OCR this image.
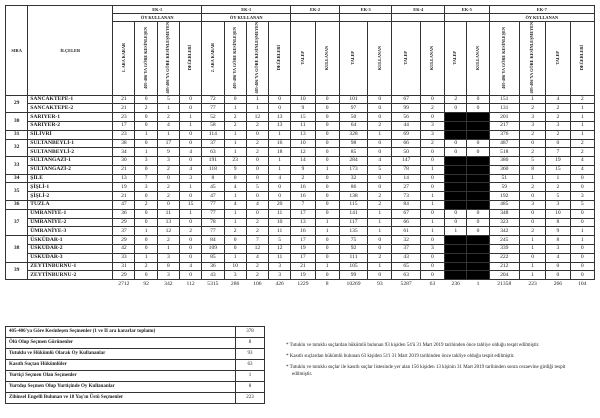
SIRA	İLÇELER	EK-1				EK-1				EK-2		EK-3		EK-4		EK-5		EK-7			
		ÖY KULLANAN				ÖY KULLANAN												ÖY KULLANAN			
		1. ARA KARAR	405-406'YA GÖRE KESİNLEŞEN	405-406'YA GÖRE KESİNLEŞMEYEN	DEĞERLERİ	2. ARA KARAR	405-406'YA GÖRE KESİNLEŞEN	405-406'YA GÖRE KESİNLEŞMEYEN	DEĞERLERİ	TALEP	KULLANAN	TALEP	KULLANAN	TALEP	KULLANAN	TALEP	KULLANAN	405-406'YA GÖRE KESİNLEŞEN	405-406'YA GÖRE KESİNLEŞMEYEN	TALEP	DEĞERLERİ
29	SANCAKTEPE-1	21	0	5	0	72	0	1	0	10	0	101	0	67	0	2	0	151	1	4	2
	SANCAKTEPE-2	21	2	1	0	77	1	1	0	9	0	97	0	99	2	0	0	131	2	2	1
30	SARIYER-1	23	0	2	1	52	2	12	13	15	0	50	0	56	0			201	3	2	1
	SARIYER-2	17	0	4	1	58	2	2	13	11	0	64	2	44	3			217	3	3	1
31	SİLİVRİ	23	1	1	0	114	1	0	1	13	0	328	1	69	3			376	2	2	1
32	SULTANBEYLİ-1	38	0	17	0	37	1	2	16	10	0	98	0	66	2	0	0	487	0	0	2
	SULTANBEYLİ-2	34	1	9	4	63	1	2	18	12	0	85	0	50	0	0	0	518	2	7	2
33	SULTANGAZİ-1	30	3	3	0	191	23	0	1	14	0	284	4	147	0			380	5	19	4
	SULTANGAZİ-2	21	0	2	4	118	9	0	1	9	1	173	5	78	1			360	8	15	4
34	ŞİLE	13	7	0	3	8	0	0	4	2	0	32	0	14	0			51	1	1	0
35	ŞİŞLİ-1	19	3	2	1	45	4	5	0	16	0	86	0	27	0			59	2	2	0
	ŞİŞLİ-2	21	0	2	0	47	1	0	0	16	0	138	2	73	1			192	0	5	3
36	TUZLA	47	2	0	15	77	4	4	20	7	0	115	2	84	1			485	3	3	5
37	ÜMRANİYE-1	36	0	11	1	77	1	0	11	17	0	141	1	67	0	0	0	348	0	10	0
	ÜMRANİYE-2	29	0	13	0	78	1	2	10	13	1	117	1	66	1	0	0	323	0	8	0
	ÜMRANİYE-3	37	1	12	2	77	2	2	11	16	1	135	1	61	1	1	0	342	2	9	1
38	ÜSKÜDAR-1	29	0	2	0	84	0	7	5	17	0	75	0	32	0			245	1	8	1
	ÜSKÜDAR-2	42	0	1	0	109	0	12	12	19	0	92	0	37	3			339	1	3	0
	ÜSKÜDAR-3	33	1	3	0	85	1	4	11	17	0	111	2	43	0			222	0	4	0
39	ZEYTİNBURNU-1	31	2	8	4	36	10	2	3	21	1	105	1	65	0			212	1	0	0
	ZEYTİNBURNU-2	29	0	3	0	43	3	2	3	19	0	99	0	63	0			204	1	0	0
		2712	92	342	112	5315	286	106	426	1229	8	10269	93	5287	63	236	1	21358	223	266	104
405-406'ya Göre Kesinleşen Seçmenler (1 ve II ara kararlar toplamı)	378
Ölü Olup Seçmen Görünenler	8
Tutuklu ve Hükümlü Olarak Oy Kullananlar	93
Kasıtlı Suçtan Hükümlüler	63
Yurtiçi Seçmen Olan Seçmenler	1
Yurtdışı Seçmen Olup Yurtiçinde Oy Kullananlar	8
Zihinsel Engelli Bulunan ve 18 Yaş'ın Üstü Seçmenler	223
* Tutuklu ve tutuklu suçlardan hükümlü bulunan 93 kişiden 54'ü 31 Mart 2019 tarihinden önce tahliye olduğu tespit edilmiştir.
* Kasıtlı suçlardan hükümlü bulunan 63 kişiden 51'i 31 Mart 2019 tarihinden önce tahliye olduğu tespit edilmiştir.
* Tutuklu ve tutuklu suçlar ile kasıtlı suçlar listesinde yer alan 156 kişiden 13 kişinin 31 Mart 2019 tarihinden sonra cezaevine girdiği tespit edilmiştir.
